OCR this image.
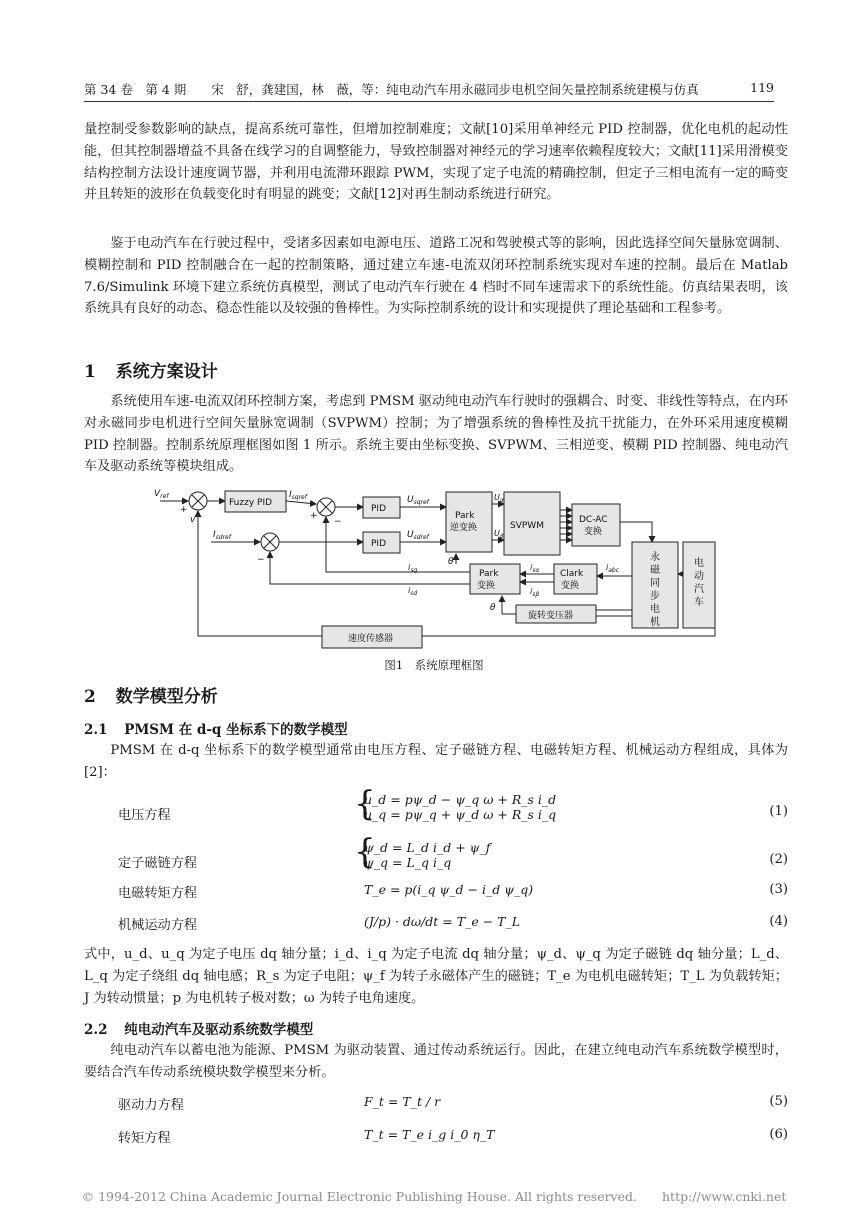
第 34 卷　第 4 期　　宋　舒，龚建国，林　薇，等：纯电动汽车用永磁同步电机空间矢量控制系统建模与仿真	119

量控制受参数影响的缺点，提高系统可靠性，但增加控制难度；文献[10]采用单神经元 PID 控制器，优化电机的起动性能，但其控制器增益不具备在线学习的自调整能力，导致控制器对神经元的学习速率依赖程度较大；文献[11]采用滑模变结构控制方法设计速度调节器，并利用电流滞环跟踪 PWM，实现了定子电流的精确控制，但定子三相电流有一定的畸变并且转矩的波形在负载变化时有明显的跳变；文献[12]对再生制动系统进行研究。

鉴于电动汽车在行驶过程中，受诸多因素如电源电压、道路工况和驾驶模式等的影响，因此选择空间矢量脉宽调制、模糊控制和 PID 控制融合在一起的控制策略，通过建立车速-电流双闭环控制系统实现对车速的控制。最后在 Matlab 7.6/Simulink 环境下建立系统仿真模型，测试了电动汽车行驶在 4 档时不同车速需求下的系统性能。仿真结果表明，该系统具有良好的动态、稳态性能以及较强的鲁棒性。为实际控制系统的设计和实现提供了理论基础和工程参考。

1 系统方案设计

系统使用车速-电流双闭环控制方案，考虑到 PMSM 驱动纯电动汽车行驶时的强耦合、时变、非线性等特点，在内环对永磁同步电机进行空间矢量脉宽调制（SVPWM）控制；为了增强系统的鲁棒性及抗干扰能力，在外环采用速度模糊 PID 控制器。控制系统原理框图如图 1 所示。系统主要由坐标变换、SVPWM、三相逆变、模糊 PID 控制器、纯电动汽车及驱动系统等模块组成。

$V_{ref}$
+
v
Fuzzy PID
$I_{sqref}$
+
−
$I_{sdref}$
−
PID
PID
$U_{sqref}$
$U_{sdref}$
Park
逆变换
$U_\alpha$
$U_\beta$
SVPWM
DC-AC
变换
Park
变换
Clark
变换
旋转变压器
速度传感器
$i_{s\alpha}$
$i_{s\beta}$
$i_{abc}$
$i_{sq}$
$i_{sd}$
θ
θ
永
磁
同
步
电
机
电
动
汽
车
图1　系统原理框图
2 数学模型分析
2.1 PMSM 在 d-q 坐标系下的数学模型

PMSM 在 d-q 坐标系下的数学模型通常由电压方程、定子磁链方程、电磁转矩方程、机械运动方程组成，具体为[2]：

电压方程	{
u_d = pψ_d − ψ_q ω + R_s i_d
u_q = pψ_q + ψ_d ω + R_s i_q	(1)
定子磁链方程	{
ψ_d = L_d i_d + ψ_f
ψ_q = L_q i_q	(2)
电磁转矩方程	T_e = p(i_q ψ_d − i_d ψ_q)	(3)
机械运动方程	(J/p) · dω/dt = T_e − T_L	(4)

式中，u_d、u_q 为定子电压 dq 轴分量；i_d、i_q 为定子电流 dq 轴分量；ψ_d、ψ_q 为定子磁链 dq 轴分量；L_d、L_q 为定子绕组 dq 轴电感；R_s 为定子电阻；ψ_f 为转子永磁体产生的磁链；T_e 为电机电磁转矩；T_L 为负载转矩；J 为转动惯量；p 为电机转子极对数；ω 为转子电角速度。

2.2 纯电动汽车及驱动系统数学模型

纯电动汽车以蓄电池为能源、PMSM 为驱动装置、通过传动系统运行。因此，在建立纯电动汽车系统数学模型时，要结合汽车传动系统模块数学模型来分析。

驱动力方程	F_t = T_t / r	(5)
转矩方程	T_t = T_e i_g i_0 η_T	(6)
© 1994-2012 China Academic Journal Electronic Publishing House. All rights reserved.　　http://www.cnki.net
